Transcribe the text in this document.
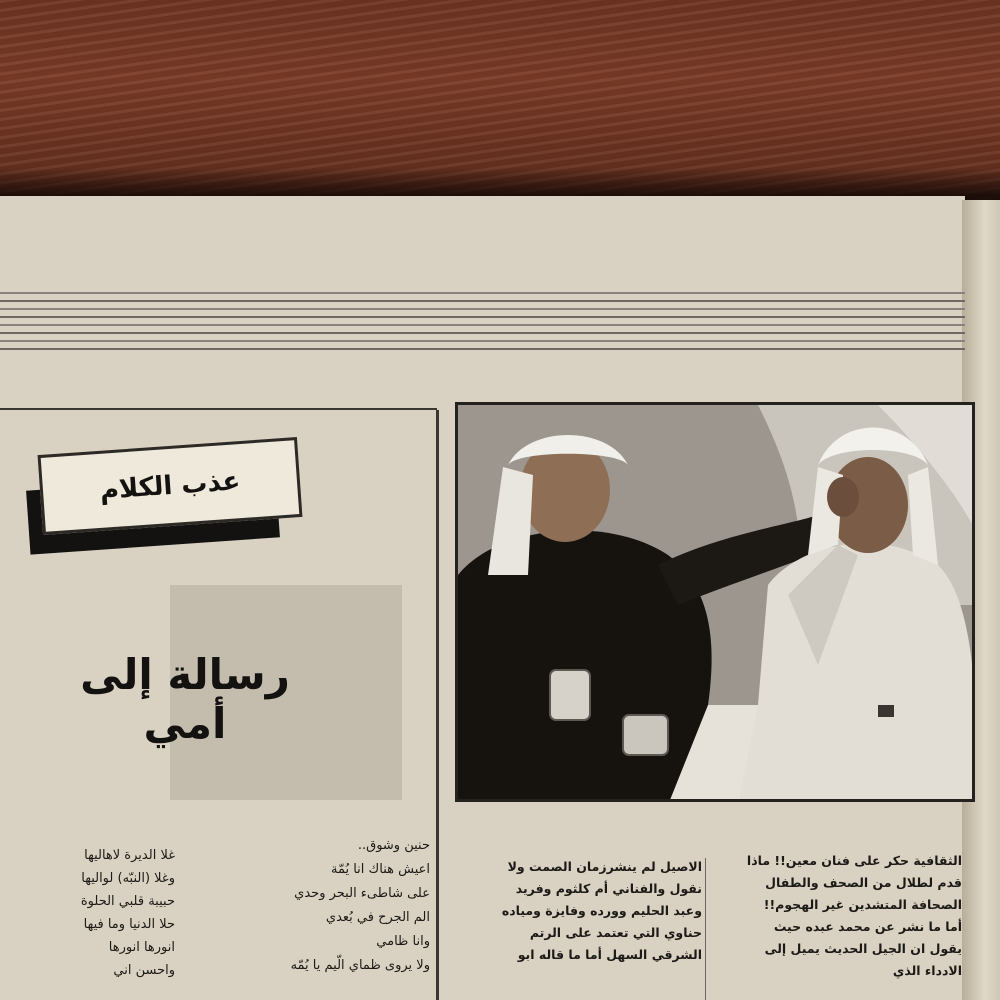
عذب الكلام
رسالة إلى أمي
غلا الديرة لاهاليها
وغلا (النبّه) لواليها
حبيبة قلبي الحلوة
حلا الدنيا وما فيها
انورها انورها
واحسن اني
حنين وشوق..
اعيش هناك انا يُمّة
على شاطىء البحر وحدي
الم الجرح في بُعدي
وانا ظامي
ولا يروى ظماي الّيم يا يُمّه
الاصيل لم ينشرزمان الصمت ولا
نقول والفناني أم كلثوم وفريد
وعبد الحليم وورده وفايزة ومياده
حناوي التي تعتمد على الرتم
الشرقي السهل أما ما قاله ابو
الثقافية حكر على فنان معين!! ماذا
قدم لطلال من الصحف والطفال
الصحافة المتشدين غير الهجوم!!
أما ما نشر عن محمد عبده حيث
يقول ان الجيل الحديث يميل إلى
الادداء الذي
